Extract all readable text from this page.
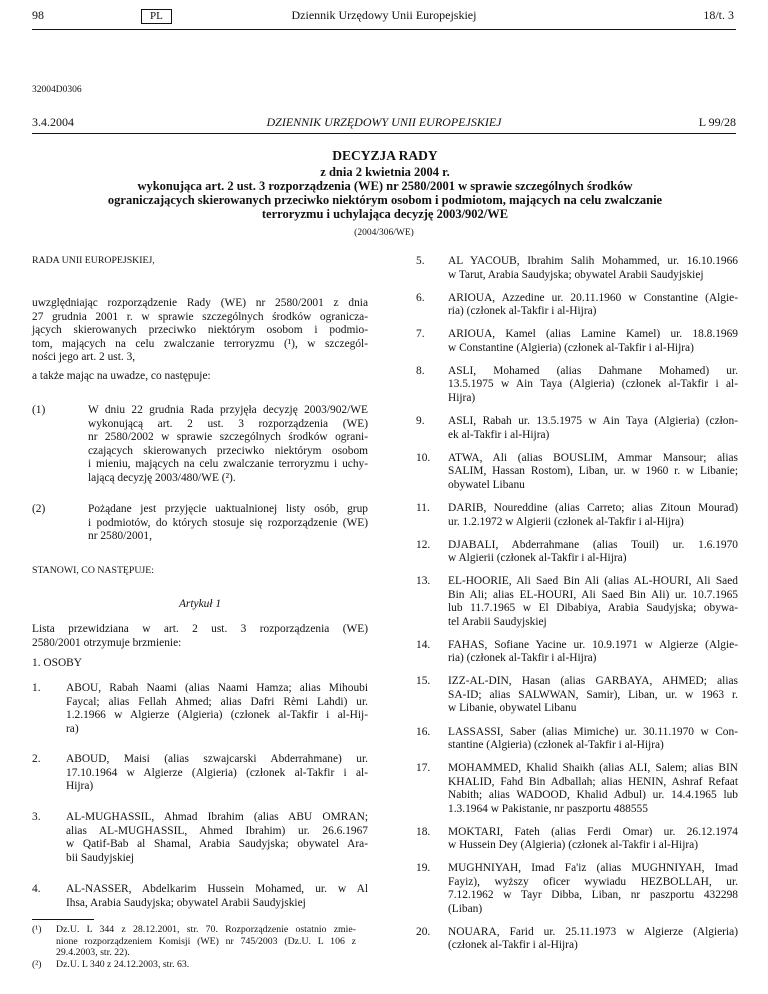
98	PL	Dziennik Urzędowy Unii Europejskiej	18/t. 3
32004D0306
3.4.2004	DZIENNIK URZĘDOWY UNII EUROPEJSKIEJ	L 99/28
DECYZJA RADY
z dnia 2 kwietnia 2004 r.
wykonująca art. 2 ust. 3 rozporządzenia (WE) nr 2580/2001 w sprawie szczególnych środków
ograniczających skierowanych przeciwko niektórym osobom i podmiotom, mających na celu zwalczanie
terroryzmu i uchylająca decyzję 2003/902/WE
(2004/306/WE)

RADA UNII EUROPEJSKIEJ,

uwzględniając rozporządzenie Rady (WE) nr 2580/2001 z dnia

27 grudnia 2001 r. w sprawie szczególnych środków ogranicza-

jących skierowanych przeciwko niektórym osobom i podmio-

tom, mających na celu zwalczanie terroryzmu (¹), w szczegól-

ności jego art. 2 ust. 3,

a także mając na uwadze, co następuje:

(1)	W dniu 22 grudnia Rada przyjęła decyzję 2003/902/WE

wykonującą art. 2 ust. 3 rozporządzenia (WE)

nr 2580/2002 w sprawie szczególnych środków ograni-

czających skierowanych przeciwko niektórym osobom

i mieniu, mających na celu zwalczanie terroryzmu i uchy-

lającą decyzję 2003/480/WE (²).

(2)	Pożądane jest przyjęcie uaktualnionej listy osób, grup

i podmiotów, do których stosuje się rozporządzenie (WE)

nr 2580/2001,

STANOWI, CO NASTĘPUJE:

Artykuł 1

Lista przewidziana w art. 2 ust. 3 rozporządzenia (WE)

2580/2001 otrzymuje brzmienie:

1. OSOBY

1. ABOU, Rabah Naami (alias Naami Hamza; alias Mihoubi

Faycal; alias Fellah Ahmed; alias Dafri Rèmi Lahdi) ur.

1.2.1966 w Algierze (Algieria) (członek al-Takfir i al-Hij-

ra)

2. ABOUD, Maisi (alias szwajcarski Abderrahmane) ur.

17.10.1964 w Algierze (Algieria) (członek al-Takfir i al-

Hijra)

3. AL-MUGHASSIL, Ahmad Ibrahim (alias ABU OMRAN;

alias AL-MUGHASSIL, Ahmed Ibrahim) ur. 26.6.1967

w Qatif-Bab al Shamal, Arabia Saudyjska; obywatel Ara-

bii Saudyjskiej

4. AL-NASSER, Abdelkarim Hussein Mohamed, ur. w Al

Ihsa, Arabia Saudyjska; obywatel Arabii Saudyjskiej

(¹) Dz.U. L 344 z 28.12.2001, str. 70. Rozporządzenie ostatnio zmie-

nione rozporządzeniem Komisji (WE) nr 745/2003 (Dz.U. L 106 z

29.4.2003, str. 22).

(²) Dz.U. L 340 z 24.12.2003, str. 63.

5. AL YACOUB, Ibrahim Salih Mohammed, ur. 16.10.1966

w Tarut, Arabia Saudyjska; obywatel Arabii Saudyjskiej

6. ARIOUA, Azzedine ur. 20.11.1960 w Constantine (Algie-

ria) (członek al-Takfir i al-Hijra)

7. ARIOUA, Kamel (alias Lamine Kamel) ur. 18.8.1969

w Constantine (Algieria) (członek al-Takfir i al-Hijra)

8. ASLI, Mohamed (alias Dahmane Mohamed) ur.

13.5.1975 w Ain Taya (Algieria) (członek al-Takfir i al-

Hijra)

9. ASLI, Rabah ur. 13.5.1975 w Ain Taya (Algieria) (człon-

ek al-Takfir i al-Hijra)

10. ATWA, Ali (alias BOUSLIM, Ammar Mansour; alias

SALIM, Hassan Rostom), Liban, ur. w 1960 r. w Libanie;

obywatel Libanu

11. DARIB, Noureddine (alias Carreto; alias Zitoun Mourad)

ur. 1.2.1972 w Algierii (członek al-Takfir i al-Hijra)

12. DJABALI, Abderrahmane (alias Touil) ur. 1.6.1970

w Algierii (członek al-Takfir i al-Hijra)

13. EL-HOORIE, Ali Saed Bin Ali (alias AL-HOURI, Ali Saed

Bin Ali; alias EL-HOURI, Ali Saed Bin Ali) ur. 10.7.1965

lub 11.7.1965 w El Dibabiya, Arabia Saudyjska; obywa-

tel Arabii Saudyjskiej

14. FAHAS, Sofiane Yacine ur. 10.9.1971 w Algierze (Algie-

ria) (członek al-Takfir i al-Hijra)

15. IZZ-AL-DIN, Hasan (alias GARBAYA, AHMED; alias

SA-ID; alias SALWWAN, Samir), Liban, ur. w 1963 r.

w Libanie, obywatel Libanu

16. LASSASSI, Saber (alias Mimiche) ur. 30.11.1970 w Con-

stantine (Algieria) (członek al-Takfir i al-Hijra)

17. MOHAMMED, Khalid Shaikh (alias ALI, Salem; alias BIN

KHALID, Fahd Bin Adballah; alias HENIN, Ashraf Refaat

Nabith; alias WADOOD, Khalid Adbul) ur. 14.4.1965 lub

1.3.1964 w Pakistanie, nr paszportu 488555

18. MOKTARI, Fateh (alias Ferdi Omar) ur. 26.12.1974

w Hussein Dey (Algieria) (członek al-Takfir i al-Hijra)

19. MUGHNIYAH, Imad Fa'iz (alias MUGHNIYAH, Imad

Fayiz), wyższy oficer wywiadu HEZBOLLAH, ur.

7.12.1962 w Tayr Dibba, Liban, nr paszportu 432298

(Liban)

20. NOUARA, Farid ur. 25.11.1973 w Algierze (Algieria)

(członek al-Takfir i al-Hijra)
